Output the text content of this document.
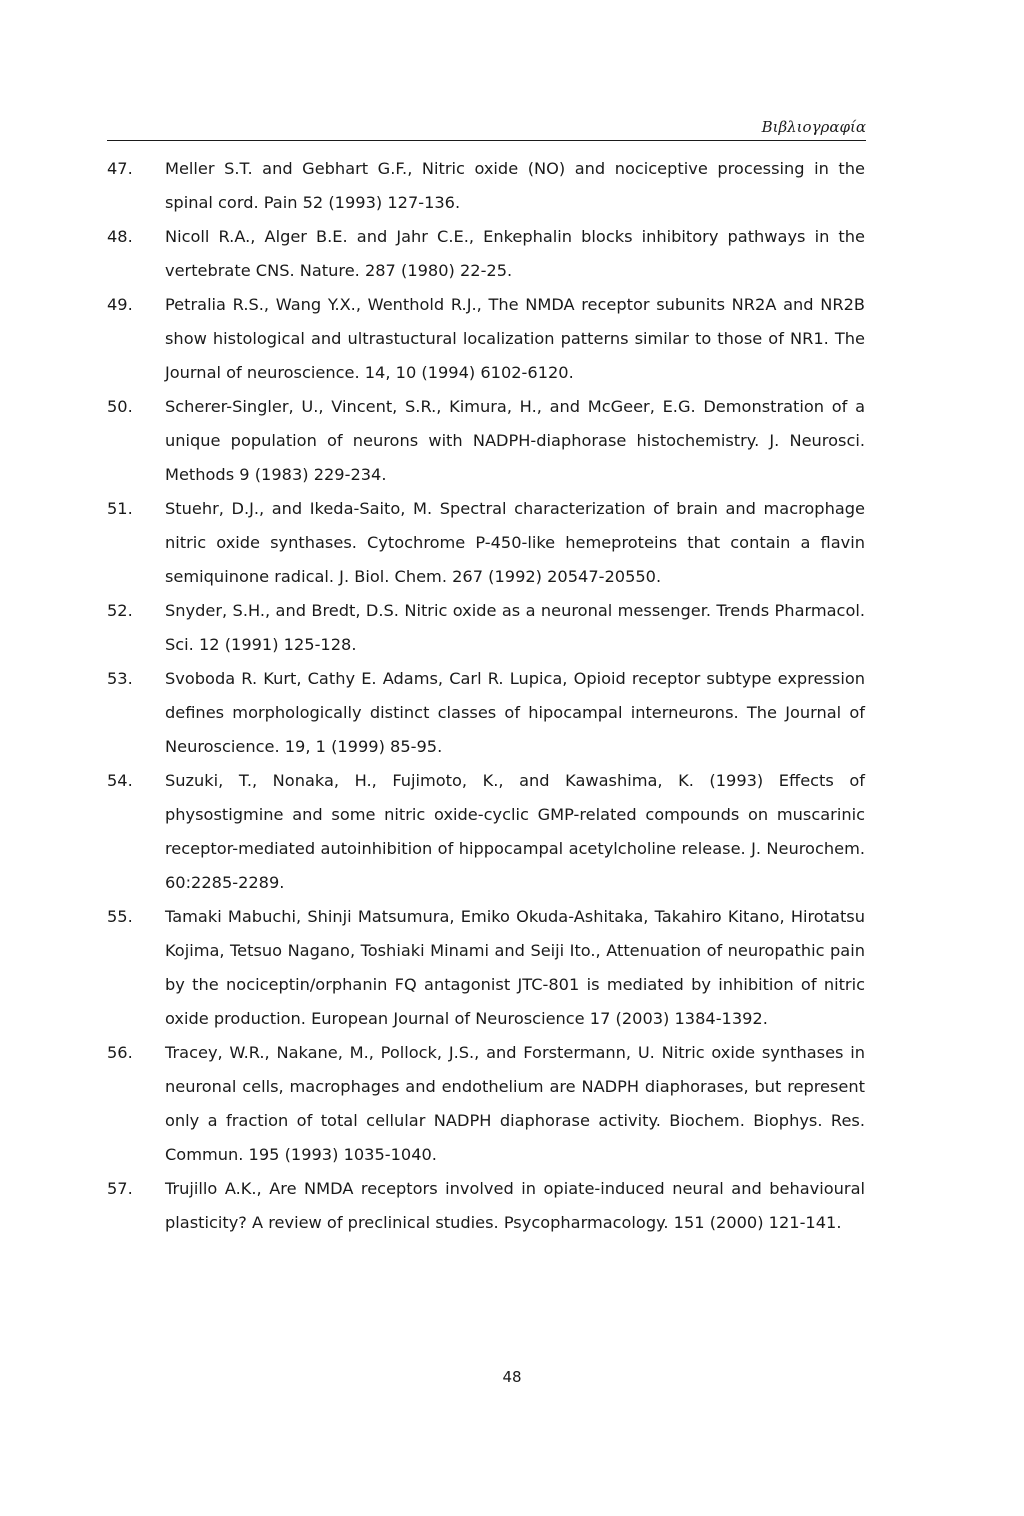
Βιβλιογραφία
47.	Meller S.T. and Gebhart G.F., Nitric oxide (NO) and nociceptive processing in the spinal cord. Pain 52 (1993) 127-136.
48.	Nicoll R.A., Alger B.E. and Jahr C.E., Enkephalin blocks inhibitory pathways in the vertebrate CNS. Nature. 287 (1980) 22-25.
49.	Petralia R.S., Wang Y.X., Wenthold R.J., The NMDA receptor subunits NR2A and NR2B show histological and ultrastuctural localization patterns similar to those of NR1. The Journal of neuroscience. 14, 10 (1994) 6102-6120.
50.	Scherer-Singler, U., Vincent, S.R., Kimura, H., and McGeer, E.G. Demonstration of a unique population of neurons with NADPH-diaphorase histochemistry. J. Neurosci. Methods 9 (1983) 229-234.
51.	Stuehr, D.J., and Ikeda-Saito, M. Spectral characterization of brain and macrophage nitric oxide synthases. Cytochrome P-450-like hemeproteins that contain a flavin semiquinone radical. J. Biol. Chem. 267 (1992) 20547-20550.
52.	Snyder, S.H., and Bredt, D.S. Nitric oxide as a neuronal messenger. Trends Pharmacol. Sci. 12 (1991) 125-128.
53.	Svoboda R. Kurt, Cathy E. Adams, Carl R. Lupica, Opioid receptor subtype expression defines morphologically distinct classes of hipocampal interneurons. The Journal of Neuroscience. 19, 1 (1999) 85-95.
54.	Suzuki, T., Nonaka, H., Fujimoto, K., and Kawashima, K. (1993) Effects of physostigmine and some nitric oxide-cyclic GMP-related compounds on muscarinic receptor-mediated autoinhibition of hippocampal acetylcholine release. J. Neurochem. 60:2285-2289.
55.	Tamaki Mabuchi, Shinji Matsumura, Emiko Okuda-Ashitaka, Takahiro Kitano, Hirotatsu Kojima, Tetsuo Nagano, Toshiaki Minami and Seiji Ito., Attenuation of neuropathic pain by the nociceptin/orphanin FQ antagonist JTC-801 is mediated by inhibition of nitric oxide production. European Journal of Neuroscience 17 (2003) 1384-1392.
56.	Tracey, W.R., Nakane, M., Pollock, J.S., and Forstermann, U. Nitric oxide synthases in neuronal cells, macrophages and endothelium are NADPH diaphorases, but represent only a fraction of total cellular NADPH diaphorase activity. Biochem. Biophys. Res. Commun. 195 (1993) 1035-1040.
57.	Trujillo A.K., Are NMDA receptors involved in opiate-induced neural and behavioural plasticity? A review of preclinical studies. Psycopharmacology. 151 (2000) 121-141.
48
